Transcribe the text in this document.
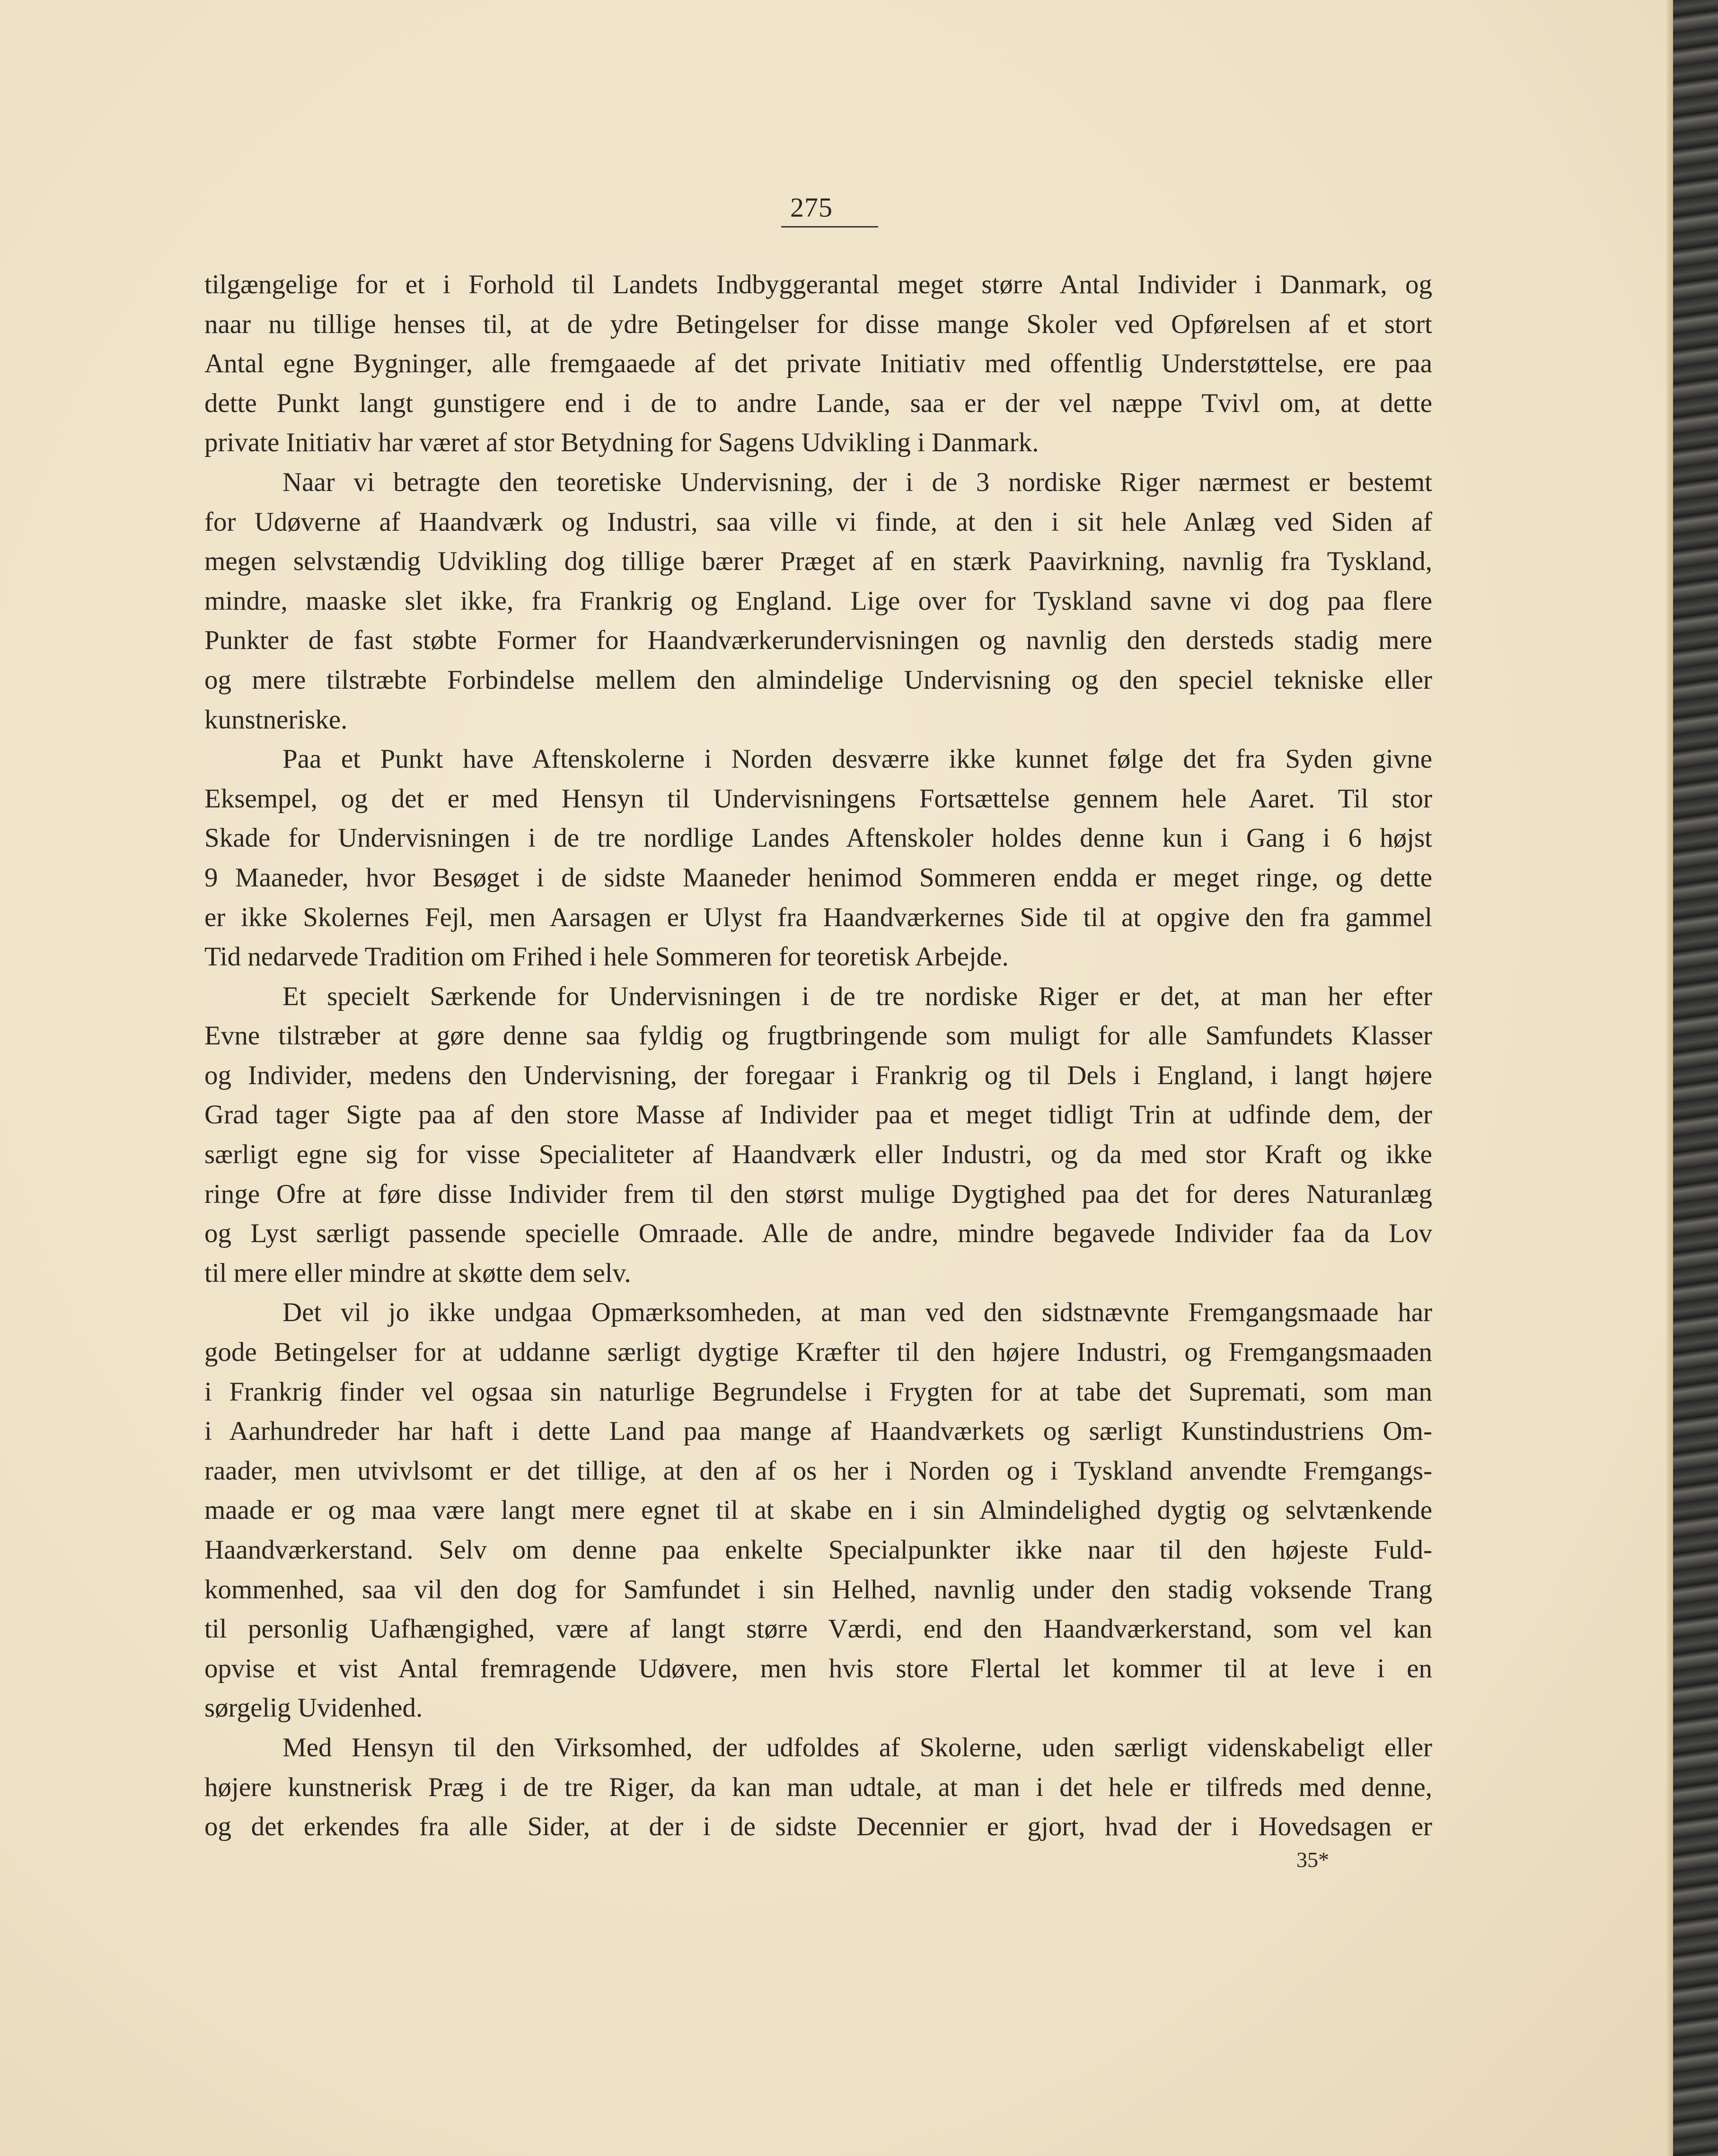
275
tilgængelige for et i Forhold til Landets Indbyggerantal meget større Antal Individer i Danmark, og
naar nu tillige henses til, at de ydre Betingelser for disse mange Skoler ved Opførelsen af et stort
Antal egne Bygninger, alle fremgaaede af det private Initiativ med offentlig Understøttelse, ere paa
dette Punkt langt gunstigere end i de to andre Lande, saa er der vel næppe Tvivl om, at dette
private Initiativ har været af stor Betydning for Sagens Udvikling i Danmark.
Naar vi betragte den teoretiske Undervisning, der i de 3 nordiske Riger nærmest er bestemt
for Udøverne af Haandværk og Industri, saa ville vi finde, at den i sit hele Anlæg ved Siden af
megen selvstændig Udvikling dog tillige bærer Præget af en stærk Paavirkning, navnlig fra Tyskland,
mindre, maaske slet ikke, fra Frankrig og England. Lige over for Tyskland savne vi dog paa flere
Punkter de fast støbte Former for Haandværkerundervisningen og navnlig den dersteds stadig mere
og mere tilstræbte Forbindelse mellem den almindelige Undervisning og den speciel tekniske eller
kunstneriske.
Paa et Punkt have Aftenskolerne i Norden desværre ikke kunnet følge det fra Syden givne
Eksempel, og det er med Hensyn til Undervisningens Fortsættelse gennem hele Aaret. Til stor
Skade for Undervisningen i de tre nordlige Landes Aftenskoler holdes denne kun i Gang i 6 højst
9 Maaneder, hvor Besøget i de sidste Maaneder henimod Sommeren endda er meget ringe, og dette
er ikke Skolernes Fejl, men Aarsagen er Ulyst fra Haandværkernes Side til at opgive den fra gammel
Tid nedarvede Tradition om Frihed i hele Sommeren for teoretisk Arbejde.
Et specielt Særkende for Undervisningen i de tre nordiske Riger er det, at man her efter
Evne tilstræber at gøre denne saa fyldig og frugtbringende som muligt for alle Samfundets Klasser
og Individer, medens den Undervisning, der foregaar i Frankrig og til Dels i England, i langt højere
Grad tager Sigte paa af den store Masse af Individer paa et meget tidligt Trin at udfinde dem, der
særligt egne sig for visse Specialiteter af Haandværk eller Industri, og da med stor Kraft og ikke
ringe Ofre at føre disse Individer frem til den størst mulige Dygtighed paa det for deres Naturanlæg
og Lyst særligt passende specielle Omraade. Alle de andre, mindre begavede Individer faa da Lov
til mere eller mindre at skøtte dem selv.
Det vil jo ikke undgaa Opmærksomheden, at man ved den sidstnævnte Fremgangsmaade har
gode Betingelser for at uddanne særligt dygtige Kræfter til den højere Industri, og Fremgangsmaaden
i Frankrig finder vel ogsaa sin naturlige Begrundelse i Frygten for at tabe det Supremati, som man
i Aarhundreder har haft i dette Land paa mange af Haandværkets og særligt Kunstindustriens Om-
raader, men utvivlsomt er det tillige, at den af os her i Norden og i Tyskland anvendte Fremgangs-
maade er og maa være langt mere egnet til at skabe en i sin Almindelighed dygtig og selvtænkende
Haandværkerstand. Selv om denne paa enkelte Specialpunkter ikke naar til den højeste Fuld-
kommenhed, saa vil den dog for Samfundet i sin Helhed, navnlig under den stadig voksende Trang
til personlig Uafhængighed, være af langt større Værdi, end den Haandværkerstand, som vel kan
opvise et vist Antal fremragende Udøvere, men hvis store Flertal let kommer til at leve i en
sørgelig Uvidenhed.
Med Hensyn til den Virksomhed, der udfoldes af Skolerne, uden særligt videnskabeligt eller
højere kunstnerisk Præg i de tre Riger, da kan man udtale, at man i det hele er tilfreds med denne,
og det erkendes fra alle Sider, at der i de sidste Decennier er gjort, hvad der i Hovedsagen er
35*
